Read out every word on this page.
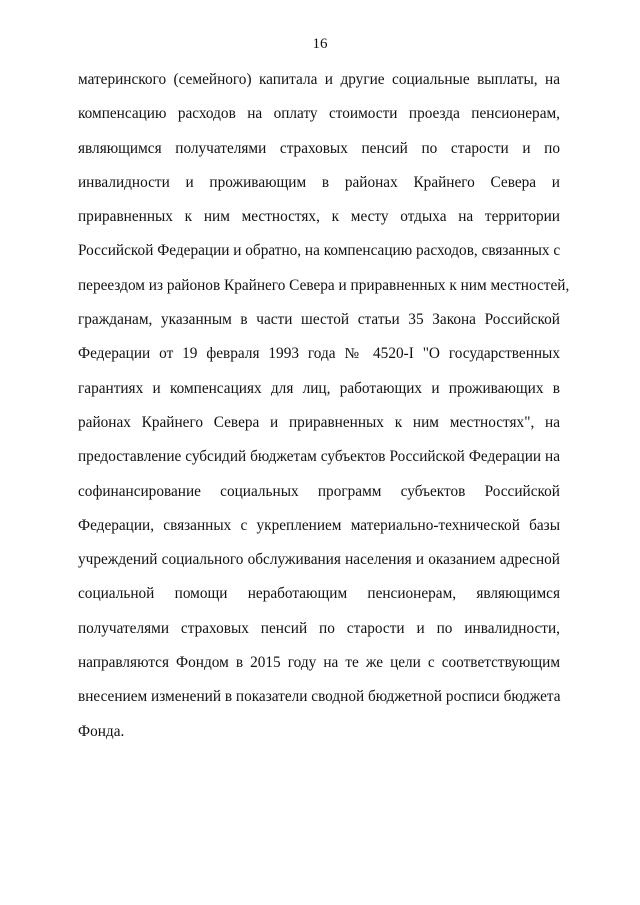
16
материнского (семейного) капитала и другие социальные выплаты, на
компенсацию расходов на оплату стоимости проезда пенсионерам,
являющимся получателями страховых пенсий по старости и по
инвалидности и проживающим в районах Крайнего Севера и
приравненных к ним местностях, к месту отдыха на территории
Российской Федерации и обратно, на компенсацию расходов, связанных с
переездом из районов Крайнего Севера и приравненных к ним местностей,
гражданам, указанным в части шестой статьи 35 Закона Российской
Федерации от 19 февраля 1993 года № 4520-I "О государственных
гарантиях и компенсациях для лиц, работающих и проживающих в
районах Крайнего Севера и приравненных к ним местностях", на
предоставление субсидий бюджетам субъектов Российской Федерации на
софинансирование социальных программ субъектов Российской
Федерации, связанных с укреплением материально-технической базы
учреждений социального обслуживания населения и оказанием адресной
социальной помощи неработающим пенсионерам, являющимся
получателями страховых пенсий по старости и по инвалидности,
направляются Фондом в 2015 году на те же цели с соответствующим
внесением изменений в показатели сводной бюджетной росписи бюджета
Фонда.
